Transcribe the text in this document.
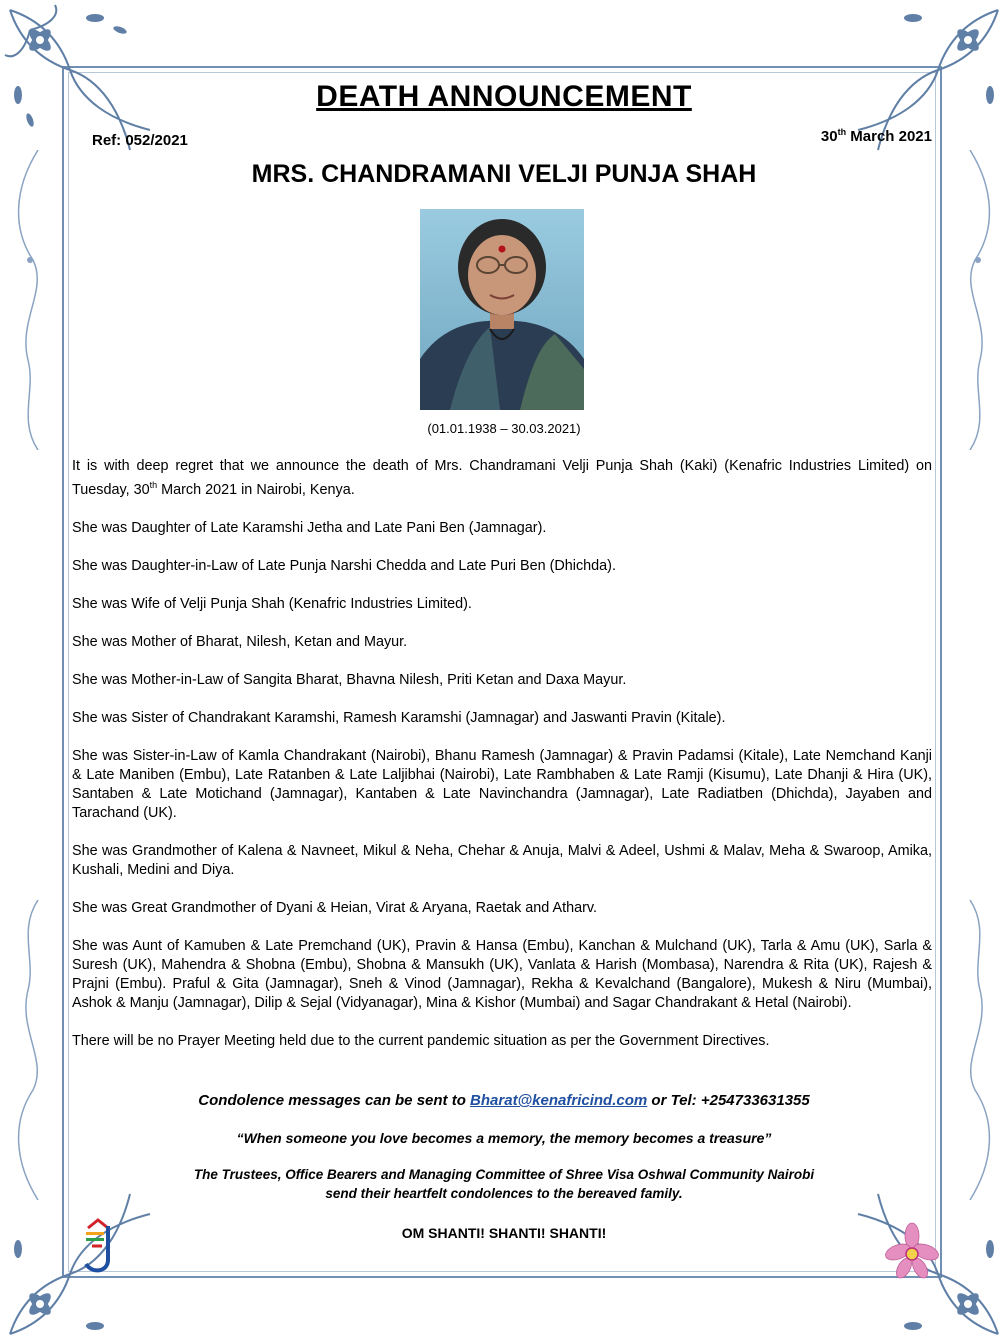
DEATH ANNOUNCEMENT
Ref: 052/2021	30th March 2021
MRS. CHANDRAMANI VELJI PUNJA SHAH
(01.01.1938 – 30.03.2021)

It is with deep regret that we announce the death of Mrs. Chandramani Velji Punja Shah (Kaki) (Kenafric Industries Limited) on Tuesday, 30th March 2021 in Nairobi, Kenya.

She was Daughter of Late Karamshi Jetha and Late Pani Ben (Jamnagar).

She was Daughter-in-Law of Late Punja Narshi Chedda and Late Puri Ben (Dhichda).

She was Wife of Velji Punja Shah (Kenafric Industries Limited).

She was Mother of Bharat, Nilesh, Ketan and Mayur.

She was Mother-in-Law of Sangita Bharat, Bhavna Nilesh, Priti Ketan and Daxa Mayur.

She was Sister of Chandrakant Karamshi, Ramesh Karamshi (Jamnagar) and Jaswanti Pravin (Kitale).

She was Sister-in-Law of Kamla Chandrakant (Nairobi), Bhanu Ramesh (Jamnagar) & Pravin Padamsi (Kitale), Late Nemchand Kanji & Late Maniben (Embu), Late Ratanben & Late Laljibhai (Nairobi), Late Rambhaben & Late Ramji (Kisumu), Late Dhanji & Hira (UK), Santaben & Late Motichand (Jamnagar), Kantaben & Late Navinchandra (Jamnagar), Late Radiatben (Dhichda), Jayaben and Tarachand (UK).

She was Grandmother of Kalena & Navneet, Mikul & Neha, Chehar & Anuja, Malvi & Adeel, Ushmi & Malav, Meha & Swaroop, Amika, Kushali, Medini and Diya.

She was Great Grandmother of Dyani & Heian, Virat & Aryana, Raetak and Atharv.

She was Aunt of Kamuben & Late Premchand (UK), Pravin & Hansa (Embu), Kanchan & Mulchand (UK), Tarla & Amu (UK), Sarla & Suresh (UK), Mahendra & Shobna (Embu), Shobna & Mansukh (UK), Vanlata & Harish (Mombasa), Narendra & Rita (UK), Rajesh & Prajni (Embu). Praful & Gita (Jamnagar), Sneh & Vinod (Jamnagar), Rekha & Kevalchand (Bangalore), Mukesh & Niru (Mumbai), Ashok & Manju (Jamnagar), Dilip & Sejal (Vidyanagar), Mina & Kishor (Mumbai) and Sagar Chandrakant & Hetal (Nairobi).

There will be no Prayer Meeting held due to the current pandemic situation as per the Government Directives.

Condolence messages can be sent to Bharat@kenafricind.com or Tel: +254733631355
“When someone you love becomes a memory, the memory becomes a treasure”
The Trustees, Office Bearers and Managing Committee of Shree Visa Oshwal Community Nairobi
send their heartfelt condolences to the bereaved family.
OM SHANTI! SHANTI! SHANTI!
